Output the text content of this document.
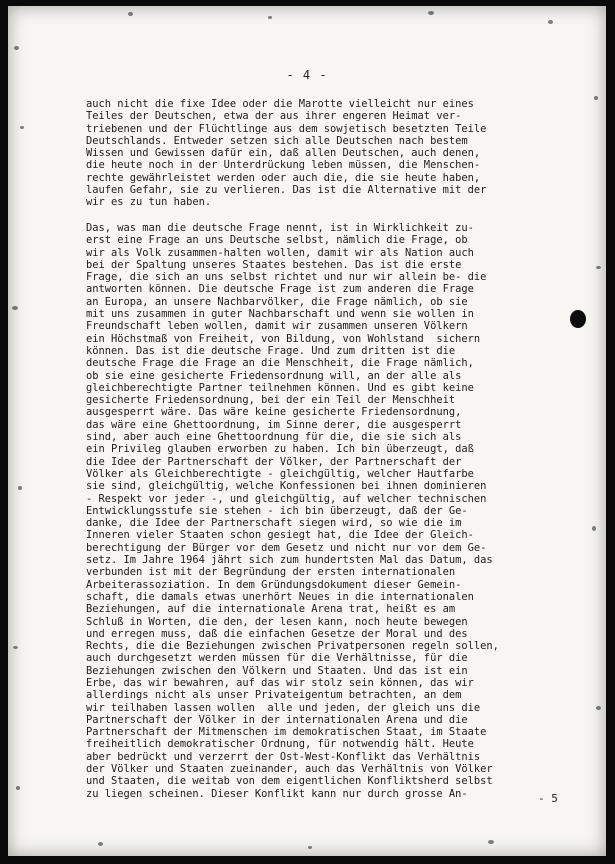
- 4 -
auch nicht die fixe Idee oder die Marotte vielleicht nur eines
Teiles der Deutschen, etwa der aus ihrer engeren Heimat ver-
triebenen und der Flüchtlinge aus dem sowjetisch besetzten Teile
Deutschlands. Entweder setzen sich alle Deutschen nach bestem
Wissen und Gewissen dafür ein, daß allen Deutschen, auch denen,
die heute noch in der Unterdrückung leben müssen, die Menschen-
rechte gewährleistet werden oder auch die, die sie heute haben,
laufen Gefahr, sie zu verlieren. Das ist die Alternative mit der
wir es zu tun haben.
Das, was man die deutsche Frage nennt, ist in Wirklichkeit zu-
erst eine Frage an uns Deutsche selbst, nämlich die Frage, ob
wir als Volk zusammen-halten wollen, damit wir als Nation auch
bei der Spaltung unseres Staates bestehen. Das ist die erste
Frage, die sich an uns selbst richtet und nur wir allein be- die
antworten können. Die deutsche Frage ist zum anderen die Frage
an Europa, an unsere Nachbarvölker, die Frage nämlich, ob sie
mit uns zusammen in guter Nachbarschaft und wenn sie wollen in
Freundschaft leben wollen, damit wir zusammen unseren Völkern
ein Höchstmaß von Freiheit, von Bildung, von Wohlstand  sichern
können. Das ist die deutsche Frage. Und zum dritten ist die
deutsche Frage die Frage an die Menschheit, die Frage nämlich,
ob sie eine gesicherte Friedensordnung will, an der alle als
gleichberechtigte Partner teilnehmen können. Und es gibt keine
gesicherte Friedensordnung, bei der ein Teil der Menschheit
ausgesperrt wäre. Das wäre keine gesicherte Friedensordnung,
das wäre eine Ghettoordnung, im Sinne derer, die ausgesperrt
sind, aber auch eine Ghettoordnung für die, die sie sich als
ein Privileg glauben erworben zu haben. Ich bin überzeugt, daß
die Idee der Partnerschaft der Völker, der Partnerschaft der
Völker als Gleichberechtigte - gleichgültig, welcher Hautfarbe
sie sind, gleichgültig, welche Konfessionen bei ihnen dominieren
- Respekt vor jeder -, und gleichgültig, auf welcher technischen
Entwicklungsstufe sie stehen - ich bin überzeugt, daß der Ge-
danke, die Idee der Partnerschaft siegen wird, so wie die im
Inneren vieler Staaten schon gesiegt hat, die Idee der Gleich-
berechtigung der Bürger vor dem Gesetz und nicht nur vor dem Ge-
setz. Im Jahre 1964 jährt sich zum hundertsten Mal das Datum, das
verbunden ist mit der Begründung der ersten internationalen
Arbeiterassoziation. In dem Gründungsdokument dieser Gemein-
schaft, die damals etwas unerhört Neues in die internationalen
Beziehungen, auf die internationale Arena trat, heißt es am
Schluß in Worten, die den, der lesen kann, noch heute bewegen
und erregen muss, daß die einfachen Gesetze der Moral und des
Rechts, die die Beziehungen zwischen Privatpersonen regeln sollen,
auch durchgesetzt werden müssen für die Verhältnisse, für die
Beziehungen zwischen den Völkern und Staaten. Und das ist ein
Erbe, das wir bewahren, auf das wir stolz sein können, das wir
allerdings nicht als unser Privateigentum betrachten, an dem
wir teilhaben lassen wollen  alle und jeden, der gleich uns die
Partnerschaft der Völker in der internationalen Arena und die
Partnerschaft der Mitmenschen im demokratischen Staat, im Staate
freiheitlich demokratischer Ordnung, für notwendig hält. Heute
aber bedrückt und verzerrt der Ost-West-Konflikt das Verhältnis
der Völker und Staaten zueinander, auch das Verhältnis von Völker
und Staaten, die weitab von dem eigentlichen Konfliktsherd selbst
zu liegen scheinen. Dieser Konflikt kann nur durch grosse An-	- 5
